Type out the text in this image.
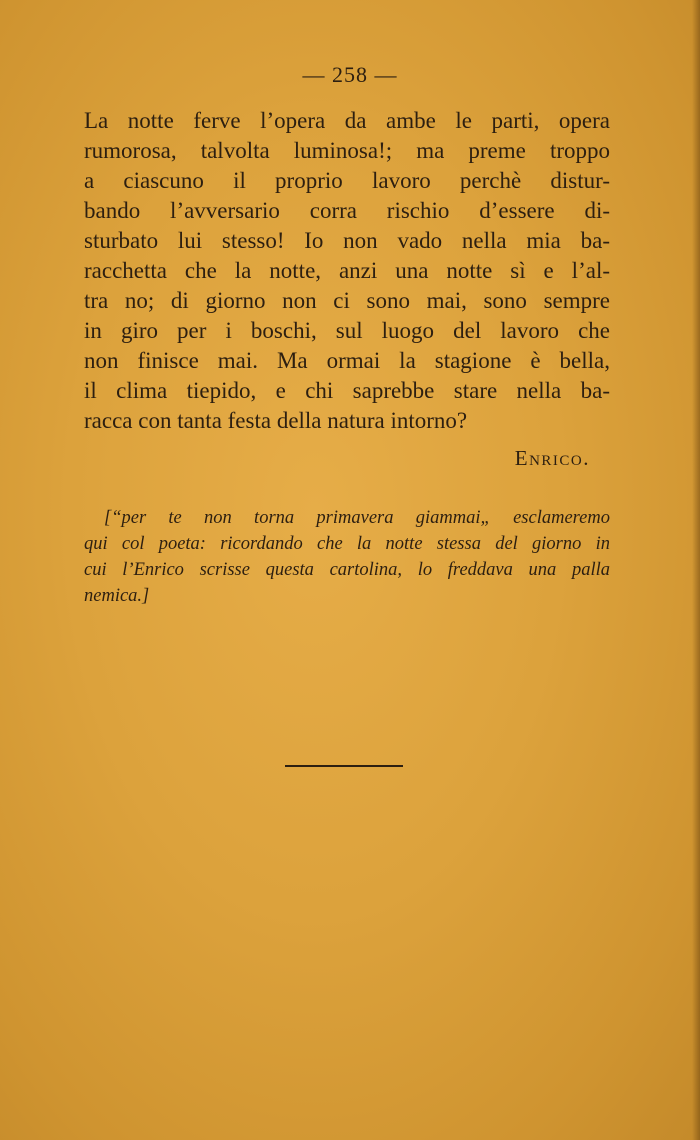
— 258 —
La notte ferve l’opera da ambe le parti, opera
rumorosa, talvolta luminosa!; ma preme troppo
a ciascuno il proprio lavoro perchè distur-
bando l’avversario corra rischio d’essere di-
sturbato lui stesso! Io non vado nella mia ba-
racchetta che la notte, anzi una notte sì e l’al-
tra no; di giorno non ci sono mai, sono sempre
in giro per i boschi, sul luogo del lavoro che
non finisce mai. Ma ormai la stagione è bella,
il clima tiepido, e chi saprebbe stare nella ba-
racca con tanta festa della natura intorno?
Enrico.
[“per te non torna primavera giammai„ esclameremo
qui col poeta: ricordando che la notte stessa del giorno in
cui l’Enrico scrisse questa cartolina, lo freddava una palla
nemica.]
